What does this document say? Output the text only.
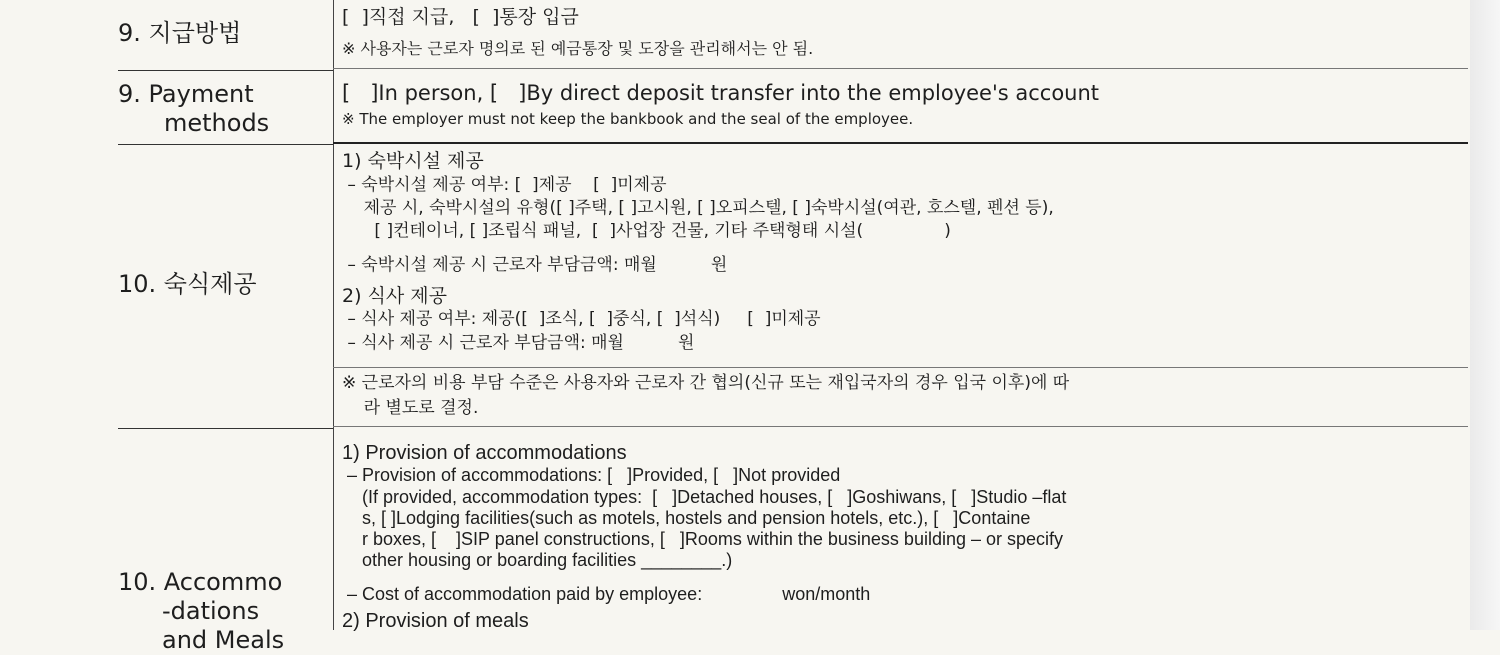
9. 지급방법
[  ]직접 지급,   [  ]통장 입금
※ 사용자는 근로자 명의로 된 예금통장 및 도장을 관리해서는 안 됨.
9. Payment
methods
[   ]In person, [   ]By direct deposit transfer into the employee's account
※ The employer must not keep the bankbook and the seal of the employee.
10. 숙식제공

1) 숙박시설 제공

– 숙박시설 제공 여부: [  ]제공    [  ]미제공

제공 시, 숙박시설의 유형([ ]주택, [ ]고시원, [ ]오피스텔, [ ]숙박시설(여관, 호스텔, 펜션 등),

[ ]컨테이너, [ ]조립식 패널,  [  ]사업장 건물, 기타 주택형태 시설(               )

– 숙박시설 제공 시 근로자 부담금액: 매월          원

2) 식사 제공

– 식사 제공 여부: 제공([  ]조식, [  ]중식, [  ]석식)     [  ]미제공

– 식사 제공 시 근로자 부담금액: 매월          원

※ 근로자의 비용 부담 수준은 사용자와 근로자 간 협의(신규 또는 재입국자의 경우 입국 이후)에 따

라 별도로 결정.

10. Accommo
-dations
and Meals

1) Provision of accommodations

– Provision of accommodations: [   ]Provided, [   ]Not provided

(If provided, accommodation types:  [   ]Detached houses, [   ]Goshiwans, [   ]Studio –flat

s, [ ]Lodging facilities(such as motels, hostels and pension hotels, etc.), [   ]Containe

r boxes, [    ]SIP panel constructions, [   ]Rooms within the business building – or specify

other housing or boarding facilities ________.)

– Cost of accommodation paid by employee:                won/month

2) Provision of meals
